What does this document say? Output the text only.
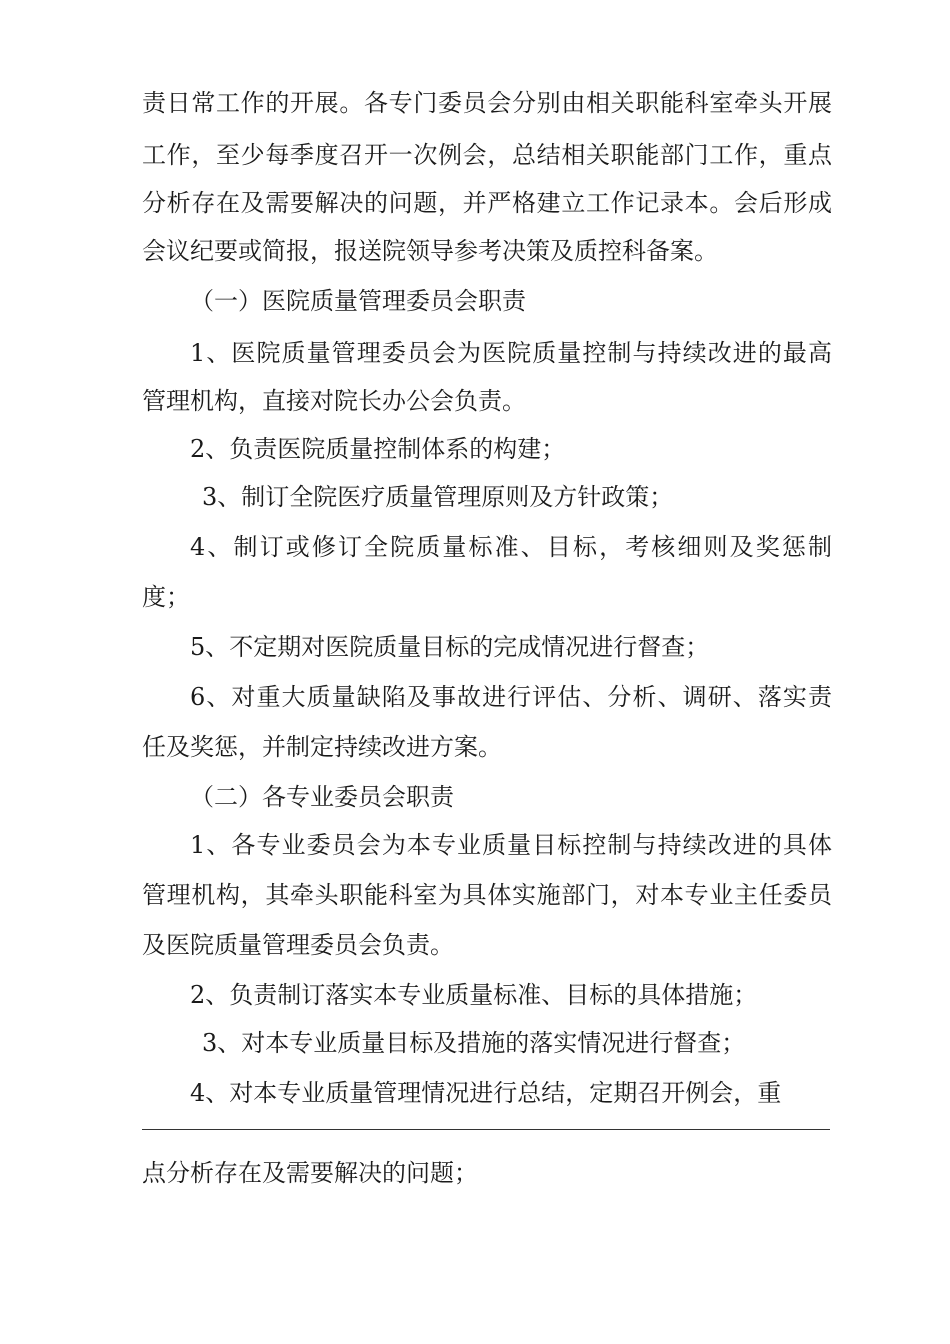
责日常工作的开展。各专门委员会分别由相关职能科室牵头开展
工作，至少每季度召开一次例会，总结相关职能部门工作，重点
分析存在及需要解决的问题，并严格建立工作记录本。会后形成
会议纪要或简报，报送院领导参考决策及质控科备案。
（一）医院质量管理委员会职责
1、医院质量管理委员会为医院质量控制与持续改进的最高
管理机构，直接对院长办公会负责。
2、负责医院质量控制体系的构建；
3、制订全院医疗质量管理原则及方针政策；
4、制订或修订全院质量标准、目标，考核细则及奖惩制
度；
5、不定期对医院质量目标的完成情况进行督查；
6、对重大质量缺陷及事故进行评估、分析、调研、落实责
任及奖惩，并制定持续改进方案。
（二）各专业委员会职责
1、各专业委员会为本专业质量目标控制与持续改进的具体
管理机构，其牵头职能科室为具体实施部门，对本专业主任委员
及医院质量管理委员会负责。
2、负责制订落实本专业质量标准、目标的具体措施；
3、对本专业质量目标及措施的落实情况进行督查；
4、对本专业质量管理情况进行总结，定期召开例会，重
点分析存在及需要解决的问题；
